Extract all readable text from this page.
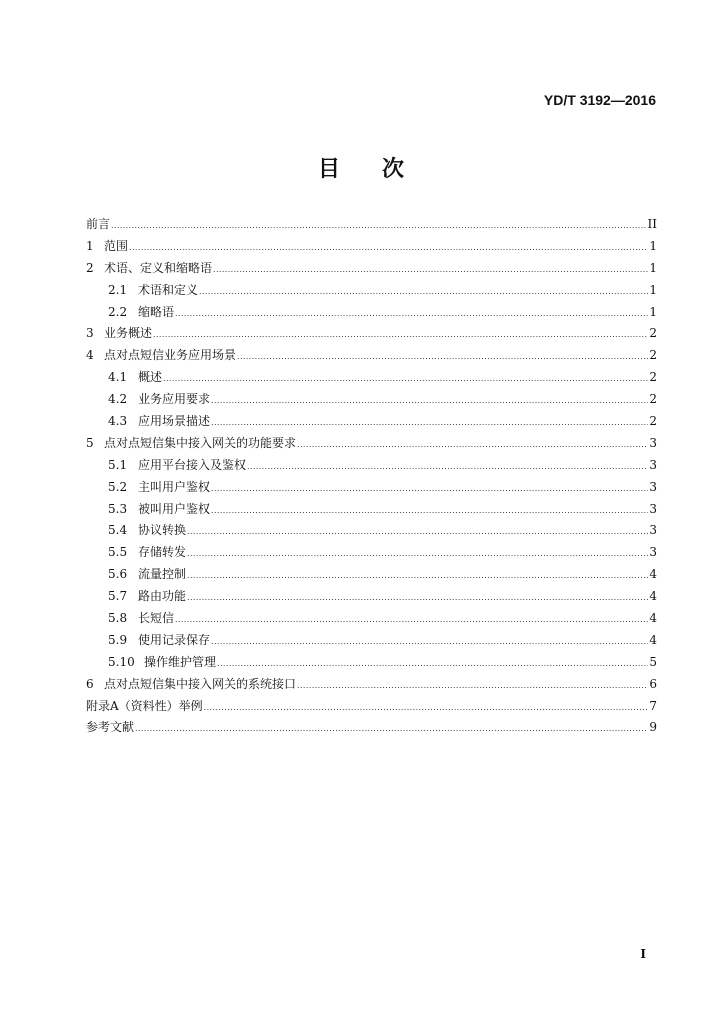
YD/T 3192—2016
目 次
前言 .....	II
1 范围 .....	1
2 术语、定义和缩略语 .....	1
2.1 术语和定义 .....	1
2.2 缩略语 .....	1
3 业务概述 .....	2
4 点对点短信业务应用场景 .....	2
4.1 概述 .....	2
4.2 业务应用要求 .....	2
4.3 应用场景描述 .....	2
5 点对点短信集中接入网关的功能要求 .....	3
5.1 应用平台接入及鉴权 .....	3
5.2 主叫用户鉴权 .....	3
5.3 被叫用户鉴权 .....	3
5.4 协议转换 .....	3
5.5 存储转发 .....	3
5.6 流量控制 .....	4
5.7 路由功能 .....	4
5.8 长短信 .....	4
5.9 使用记录保存 .....	4
5.10 操作维护管理 .....	5
6 点对点短信集中接入网关的系统接口 .....	6
附录A（资料性）举例 .....	7
参考文献 .....	9
I
